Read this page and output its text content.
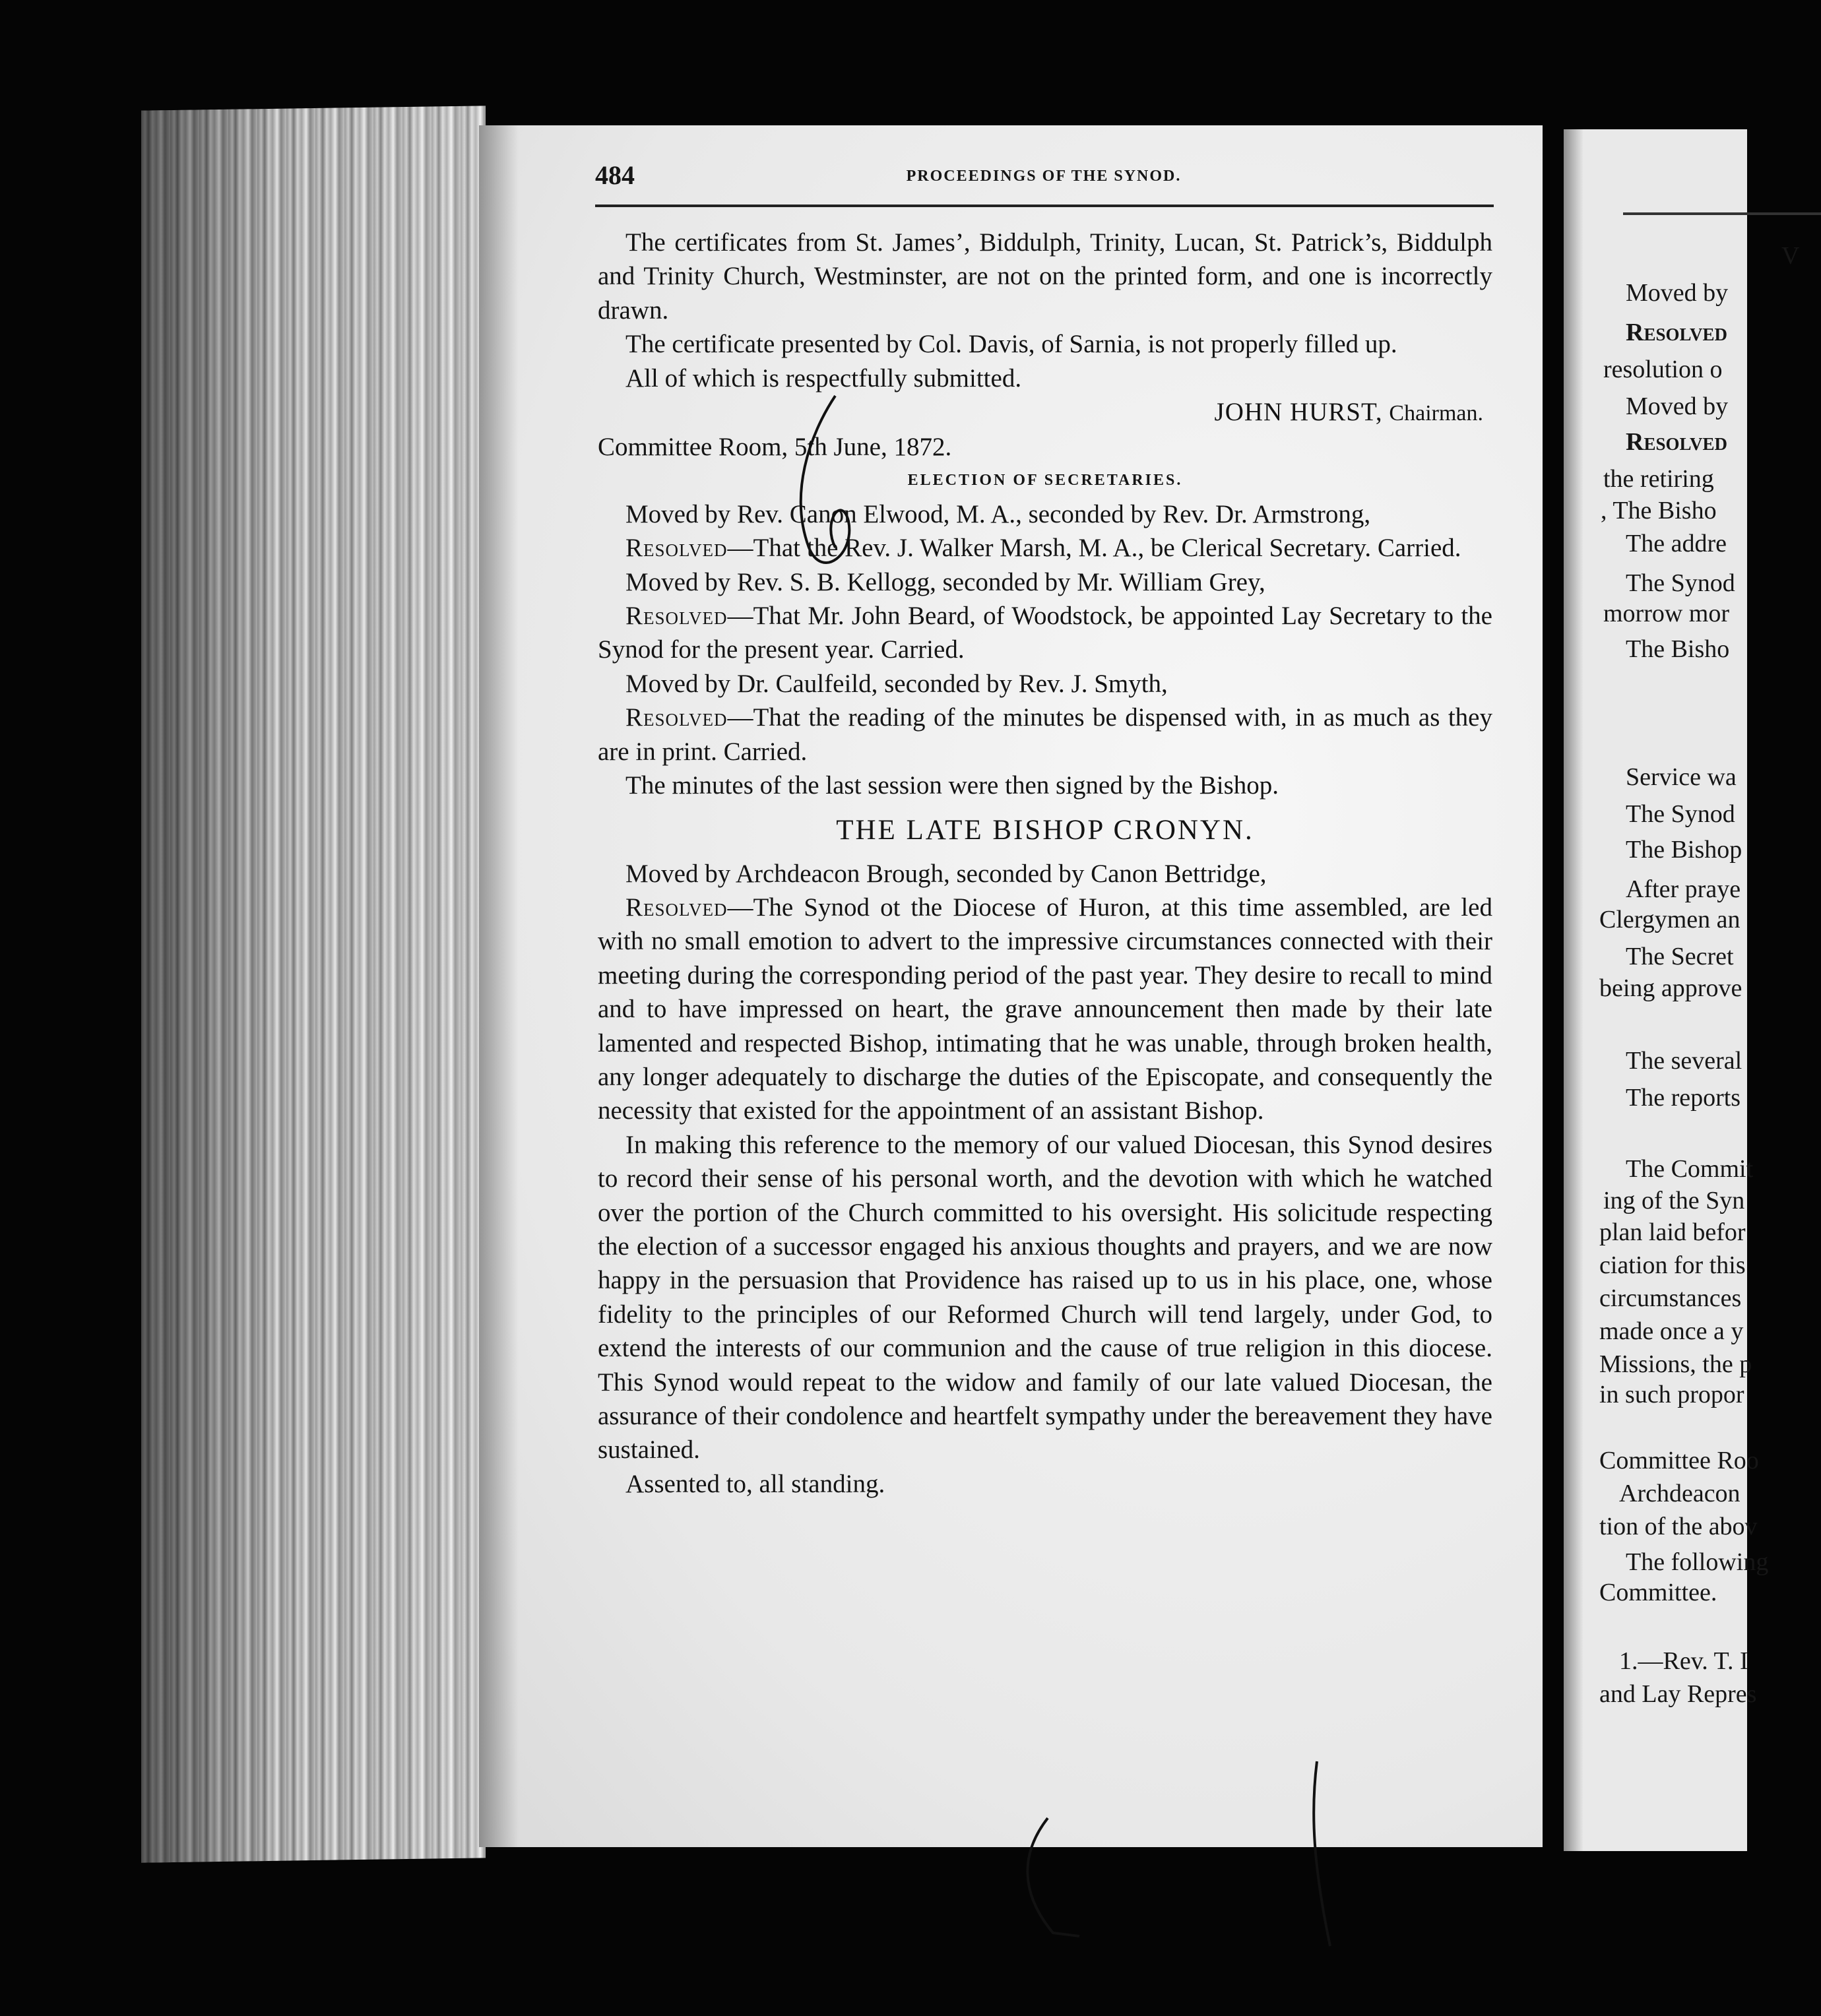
484	PROCEEDINGS OF THE SYNOD.

The certificates from St. James’, Biddulph, Trinity, Lucan, St. Patrick’s, Biddulph and Trinity Church, Westminster, are not on the printed form, and one is incorrectly drawn.

The certificate presented by Col. Davis, of Sarnia, is not properly filled up.

All of which is respectfully submitted.

JOHN HURST, Chairman.

Committee Room, 5th June, 1872.

ELECTION OF SECRETARIES.

Moved by Rev. Canon Elwood, M. A., seconded by Rev. Dr. Armstrong,

Resolved—That the Rev. J. Walker Marsh, M. A., be Clerical Secretary. Carried.

Moved by Rev. S. B. Kellogg, seconded by Mr. William Grey,

Resolved—That Mr. John Beard, of Woodstock, be appointed Lay Secretary to the Synod for the present year. Carried.

Moved by Dr. Caulfeild, seconded by Rev. J. Smyth,

Resolved—That the reading of the minutes be dispensed with, in as much as they are in print. Carried.

The minutes of the last session were then signed by the Bishop.

THE LATE BISHOP CRONYN.

Moved by Archdeacon Brough, seconded by Canon Bettridge,

Resolved—The Synod ot the Diocese of Huron, at this time assembled, are led with no small emotion to advert to the impressive circumstances connected with their meeting during the corresponding period of the past year. They desire to recall to mind and to have impressed on heart, the grave announcement then made by their late lamented and respected Bishop, intimating that he was unable, through broken health, any longer adequately to discharge the duties of the Episcopate, and consequently the necessity that existed for the appointment of an assistant Bishop.

In making this reference to the memory of our valued Diocesan, this Synod desires to record their sense of his personal worth, and the devotion with which he watched over the portion of the Church committed to his oversight. His solicitude respecting the election of a successor engaged his anxious thoughts and prayers, and we are now happy in the persuasion that Providence has raised up to us in his place, one, whose fidelity to the principles of our Reformed Church will tend largely, under God, to extend the interests of our communion and the cause of true religion in this diocese. This Synod would repeat to the widow and family of our late valued Diocesan, the assurance of their condolence and heartfelt sympathy under the bereavement they have sustained.

Assented to, all standing.

V
Moved by
Resolved
resolution o
Moved by
Resolved
the retiring
, The Bisho
The addre
The Synod
morrow mor
The Bisho
Service wa
The Synod
The Bishop
After praye
Clergymen an
The Secret
being approve
The several
The reports
The Commit
ing of the Syn
plan laid befor
ciation for this
circumstances
made once a y
Missions, the p
in such propor
Committee Roo
Archdeacon
tion of the abov
The following
Committee.
1.—Rev. T. I
and Lay Repres
